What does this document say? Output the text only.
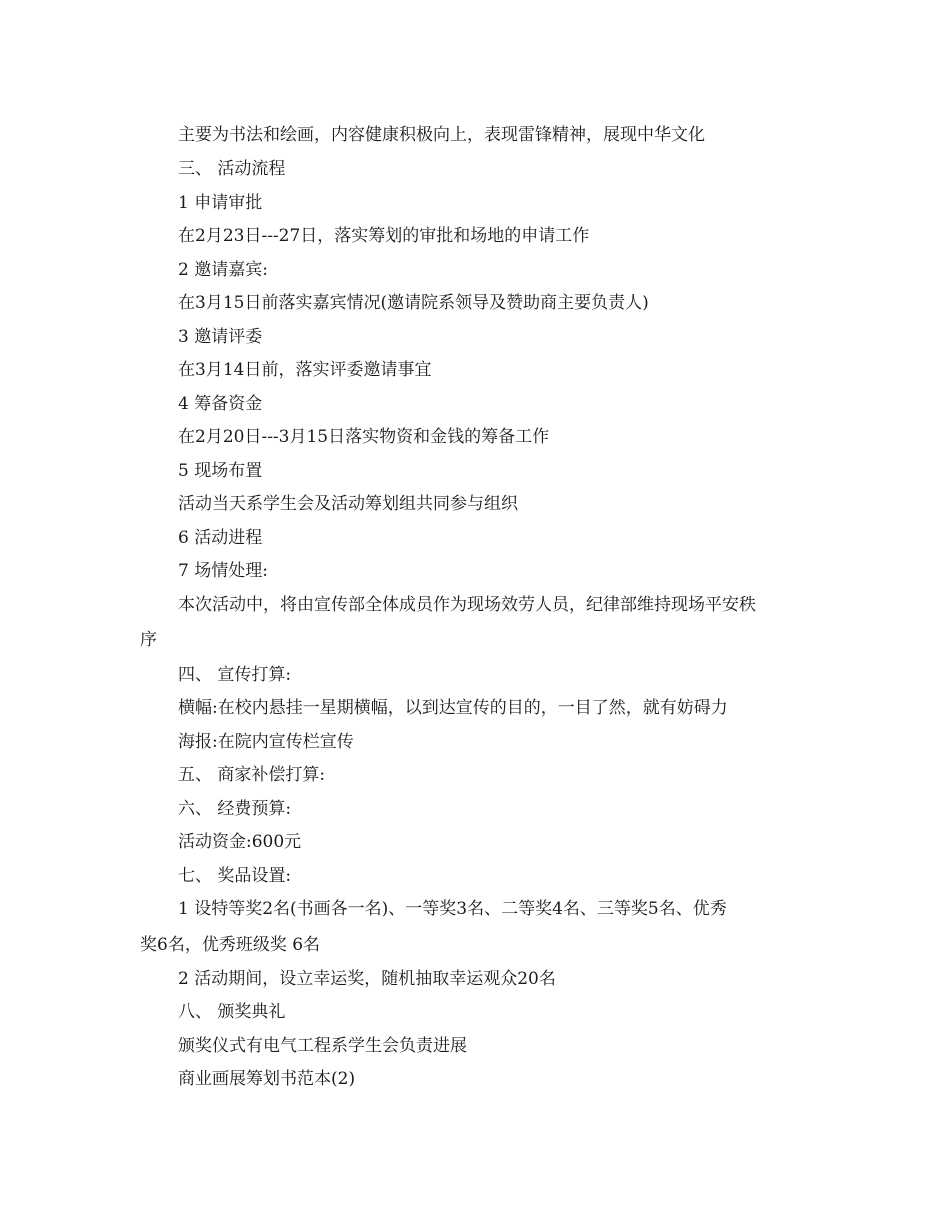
主要为书法和绘画，内容健康积极向上，表现雷锋精神，展现中华文化
三、 活动流程
1 申请审批
在2月23日---27日，落实筹划的审批和场地的申请工作
2 邀请嘉宾:
在3月15日前落实嘉宾情况(邀请院系领导及赞助商主要负责人)
3 邀请评委
在3月14日前，落实评委邀请事宜
4 筹备资金
在2月20日---3月15日落实物资和金钱的筹备工作
5 现场布置
活动当天系学生会及活动筹划组共同参与组织
6 活动进程
7 场情处理:
本次活动中，将由宣传部全体成员作为现场效劳人员，纪律部维持现场平安秩
序
四、 宣传打算:
横幅:在校内悬挂一星期横幅，以到达宣传的目的，一目了然，就有妨碍力
海报:在院内宣传栏宣传
五、 商家补偿打算:
六、 经费预算:
活动资金:600元
七、 奖品设置:
1 设特等奖2名(书画各一名)、一等奖3名、二等奖4名、三等奖5名、优秀
奖6名，优秀班级奖 6名
2 活动期间，设立幸运奖，随机抽取幸运观众20名
八、 颁奖典礼
颁奖仪式有电气工程系学生会负责进展
商业画展筹划书范本(2)
